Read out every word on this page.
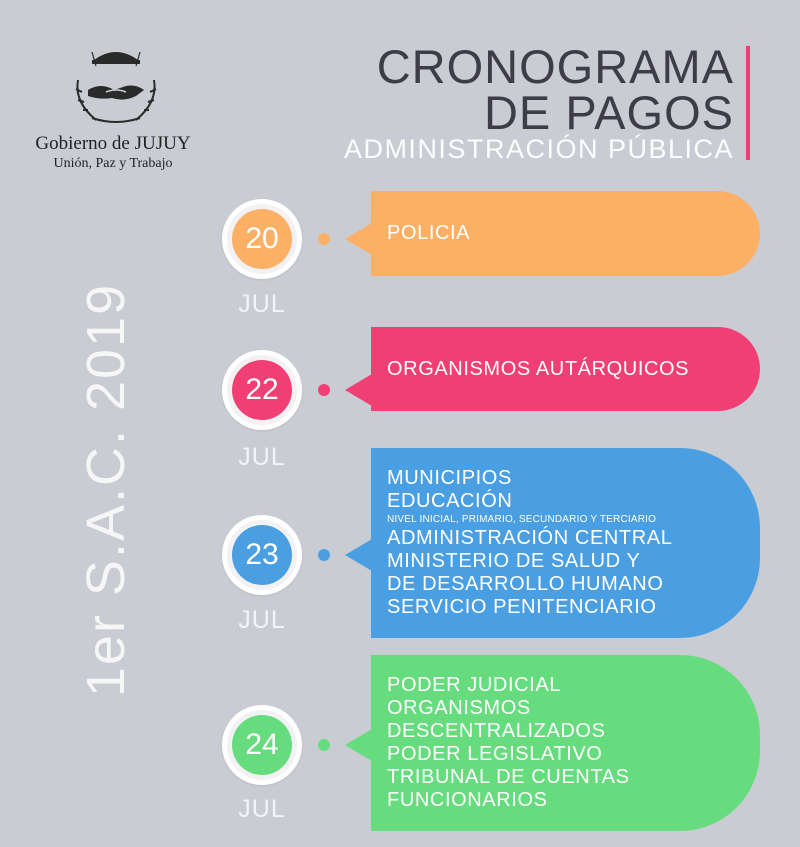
Gobierno de JUJUY
Unión, Paz y Trabajo
CRONOGRAMA
DE PAGOS
ADMINISTRACIÓN PÚBLICA
1er S.A.C. 2019
20
JUL
POLICIA
22
JUL
ORGANISMOS AUTÁRQUICOS
23
JUL
MUNICIPIOS
EDUCACIÓN
NIVEL INICIAL, PRIMARIO, SECUNDARIO Y TERCIARIO
ADMINISTRACIÓN CENTRAL
MINISTERIO DE SALUD Y
DE DESARROLLO HUMANO
SERVICIO PENITENCIARIO
24
JUL
PODER JUDICIAL
ORGANISMOS
DESCENTRALIZADOS
PODER LEGISLATIVO
TRIBUNAL DE CUENTAS
FUNCIONARIOS
